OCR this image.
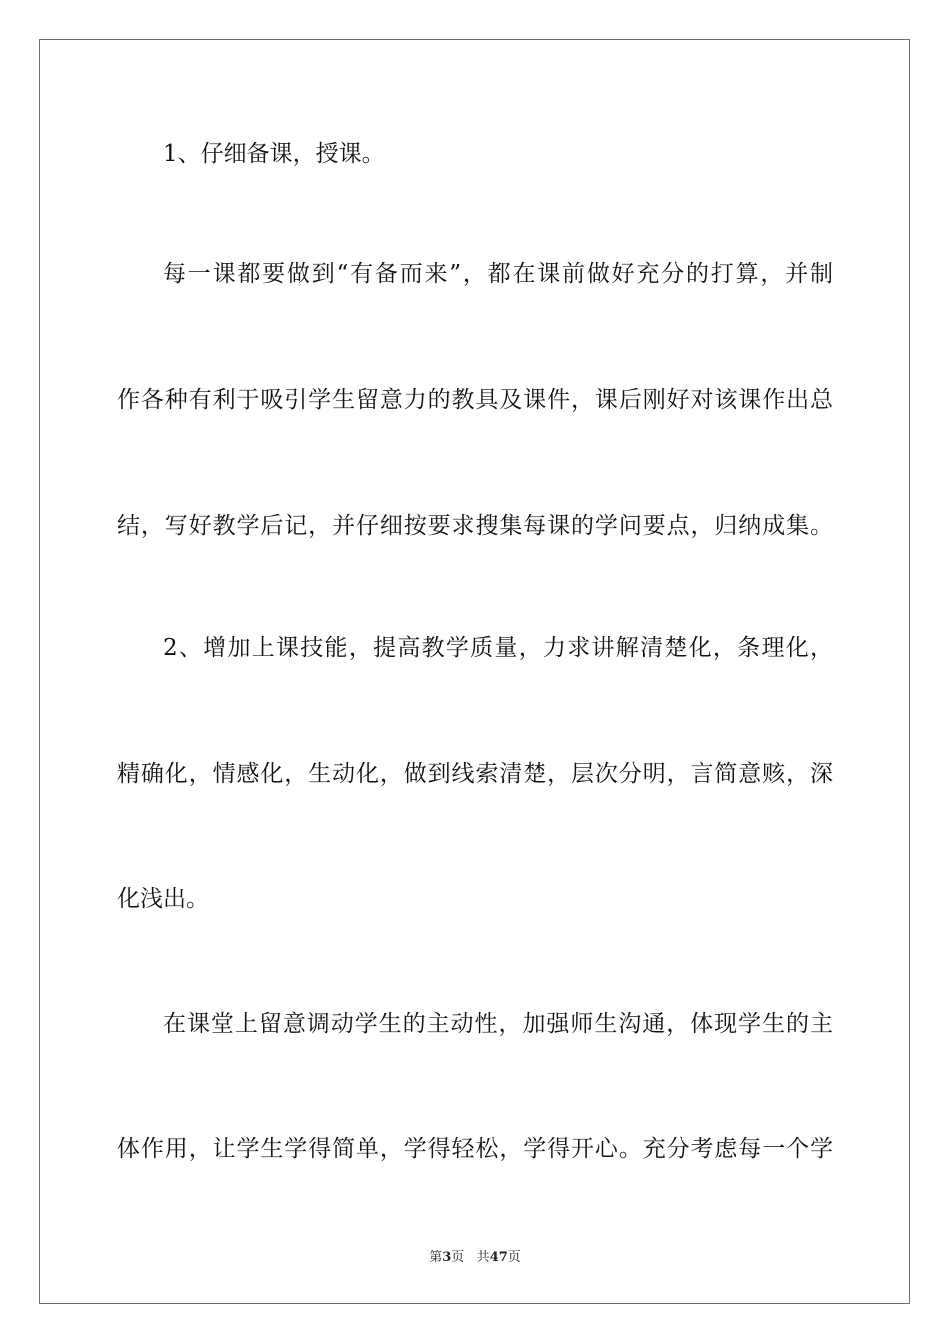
1、仔细备课，授课。
每一课都要做到“有备而来”，都在课前做好充分的打算，并制
作各种有利于吸引学生留意力的教具及课件，课后刚好对该课作出总
结，写好教学后记，并仔细按要求搜集每课的学问要点，归纳成集。
2、增加上课技能，提高教学质量，力求讲解清楚化，条理化，
精确化，情感化，生动化，做到线索清楚，层次分明，言简意赅，深
化浅出。
在课堂上留意调动学生的主动性，加强师生沟通，体现学生的主
体作用，让学生学得简单，学得轻松，学得开心。充分考虑每一个学
第3页 共47页
